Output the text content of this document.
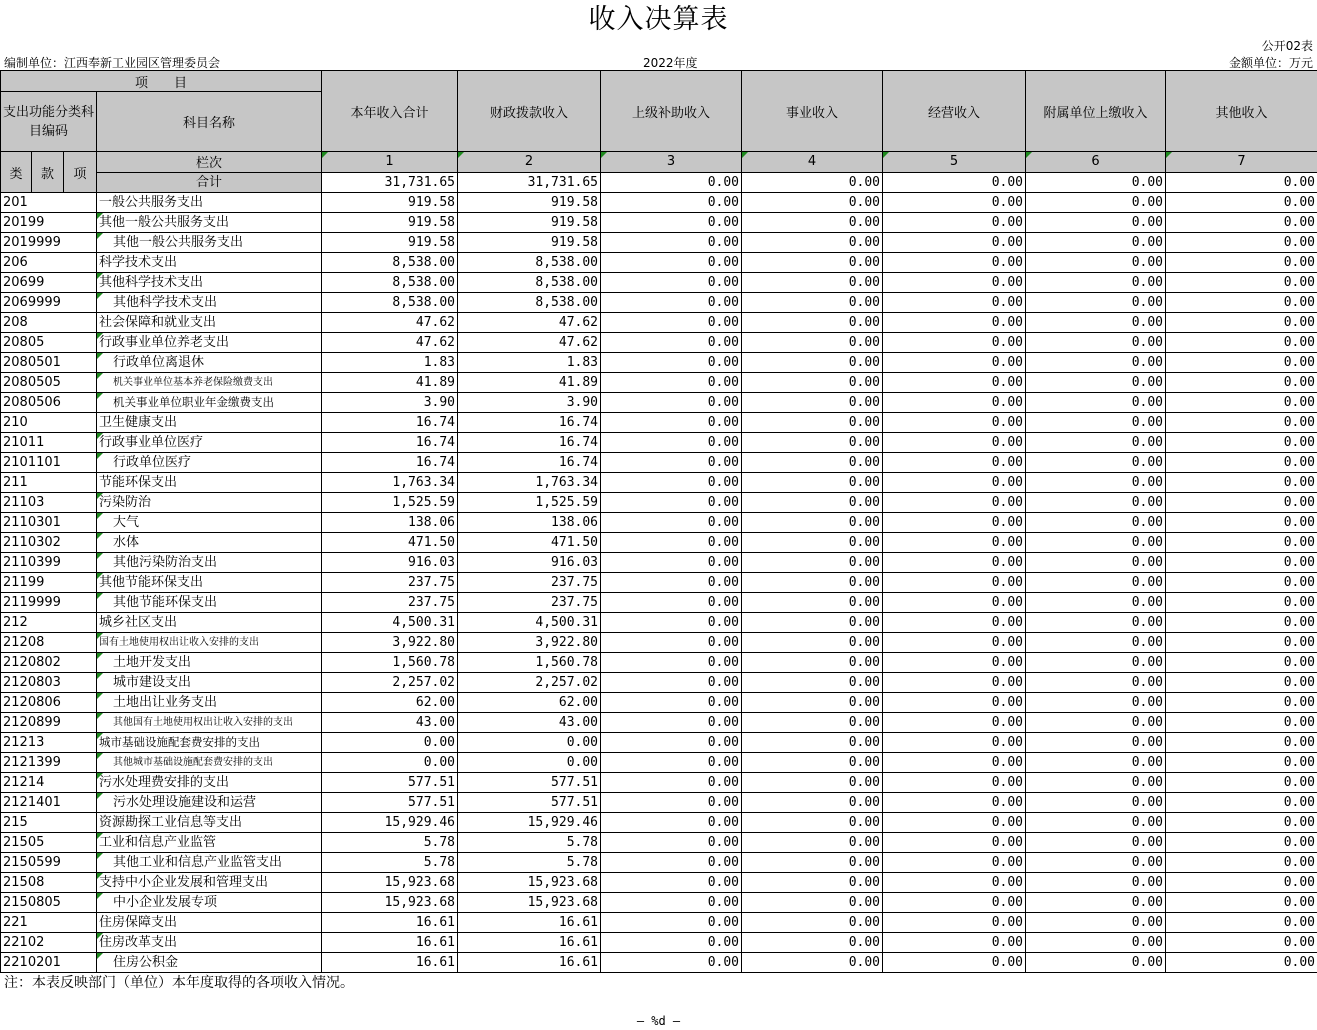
收入决算表
公开02表
编制单位：江西奉新工业园区管理委员会	2022年度	金额单位：万元
项　　目				本年收入合计	财政拨款收入	上级补助收入	事业收入	经营收入	附属单位上缴收入	其他收入
支出功能分类科目编码			科目名称							
类	款	项	栏次	1	2	3	4	5	6	7
			合计	31,731.65	31,731.65	0.00	0.00	0.00	0.00	0.00
201			一般公共服务支出	919.58	919.58	0.00	0.00	0.00	0.00	0.00
20199			其他一般公共服务支出	919.58	919.58	0.00	0.00	0.00	0.00	0.00
2019999			其他一般公共服务支出	919.58	919.58	0.00	0.00	0.00	0.00	0.00
206			科学技术支出	8,538.00	8,538.00	0.00	0.00	0.00	0.00	0.00
20699			其他科学技术支出	8,538.00	8,538.00	0.00	0.00	0.00	0.00	0.00
2069999			其他科学技术支出	8,538.00	8,538.00	0.00	0.00	0.00	0.00	0.00
208			社会保障和就业支出	47.62	47.62	0.00	0.00	0.00	0.00	0.00
20805			行政事业单位养老支出	47.62	47.62	0.00	0.00	0.00	0.00	0.00
2080501			行政单位离退休	1.83	1.83	0.00	0.00	0.00	0.00	0.00
2080505			机关事业单位基本养老保险缴费支出	41.89	41.89	0.00	0.00	0.00	0.00	0.00
2080506			机关事业单位职业年金缴费支出	3.90	3.90	0.00	0.00	0.00	0.00	0.00
210			卫生健康支出	16.74	16.74	0.00	0.00	0.00	0.00	0.00
21011			行政事业单位医疗	16.74	16.74	0.00	0.00	0.00	0.00	0.00
2101101			行政单位医疗	16.74	16.74	0.00	0.00	0.00	0.00	0.00
211			节能环保支出	1,763.34	1,763.34	0.00	0.00	0.00	0.00	0.00
21103			污染防治	1,525.59	1,525.59	0.00	0.00	0.00	0.00	0.00
2110301			大气	138.06	138.06	0.00	0.00	0.00	0.00	0.00
2110302			水体	471.50	471.50	0.00	0.00	0.00	0.00	0.00
2110399			其他污染防治支出	916.03	916.03	0.00	0.00	0.00	0.00	0.00
21199			其他节能环保支出	237.75	237.75	0.00	0.00	0.00	0.00	0.00
2119999			其他节能环保支出	237.75	237.75	0.00	0.00	0.00	0.00	0.00
212			城乡社区支出	4,500.31	4,500.31	0.00	0.00	0.00	0.00	0.00
21208			国有土地使用权出让收入安排的支出	3,922.80	3,922.80	0.00	0.00	0.00	0.00	0.00
2120802			土地开发支出	1,560.78	1,560.78	0.00	0.00	0.00	0.00	0.00
2120803			城市建设支出	2,257.02	2,257.02	0.00	0.00	0.00	0.00	0.00
2120806			土地出让业务支出	62.00	62.00	0.00	0.00	0.00	0.00	0.00
2120899			其他国有土地使用权出让收入安排的支出	43.00	43.00	0.00	0.00	0.00	0.00	0.00
21213			城市基础设施配套费安排的支出	0.00	0.00	0.00	0.00	0.00	0.00	0.00
2121399			其他城市基础设施配套费安排的支出	0.00	0.00	0.00	0.00	0.00	0.00	0.00
21214			污水处理费安排的支出	577.51	577.51	0.00	0.00	0.00	0.00	0.00
2121401			污水处理设施建设和运营	577.51	577.51	0.00	0.00	0.00	0.00	0.00
215			资源勘探工业信息等支出	15,929.46	15,929.46	0.00	0.00	0.00	0.00	0.00
21505			工业和信息产业监管	5.78	5.78	0.00	0.00	0.00	0.00	0.00
2150599			其他工业和信息产业监管支出	5.78	5.78	0.00	0.00	0.00	0.00	0.00
21508			支持中小企业发展和管理支出	15,923.68	15,923.68	0.00	0.00	0.00	0.00	0.00
2150805			中小企业发展专项	15,923.68	15,923.68	0.00	0.00	0.00	0.00	0.00
221			住房保障支出	16.61	16.61	0.00	0.00	0.00	0.00	0.00
22102			住房改革支出	16.61	16.61	0.00	0.00	0.00	0.00	0.00
2210201			住房公积金	16.61	16.61	0.00	0.00	0.00	0.00	0.00
注：本表反映部门（单位）本年度取得的各项收入情况。
— %d —
